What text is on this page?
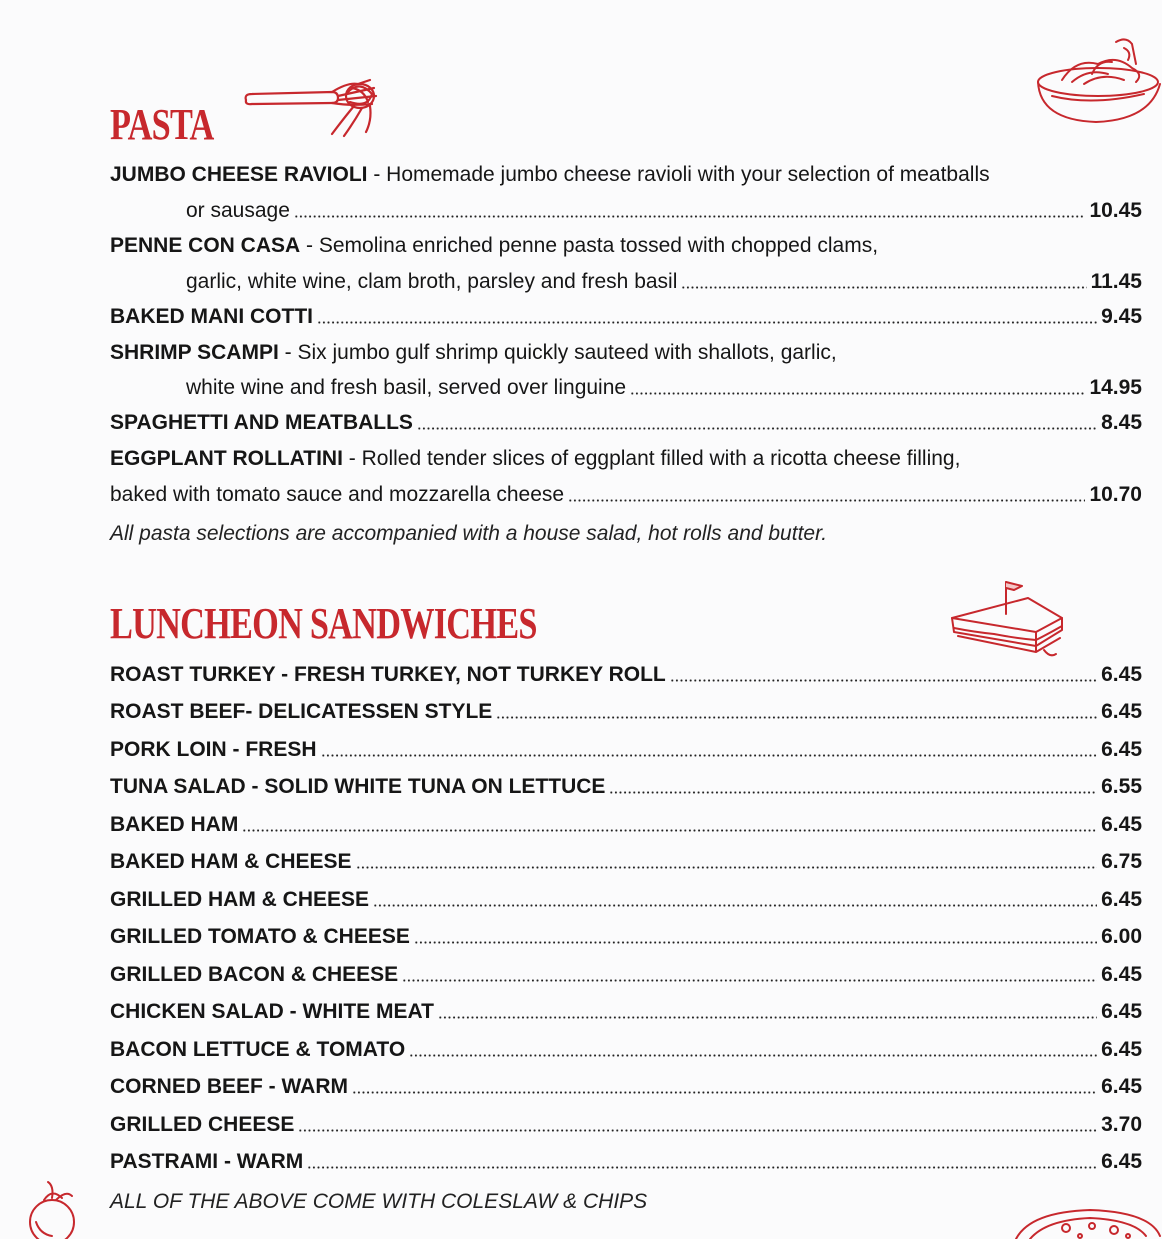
PASTA
JUMBO CHEESE RAVIOLI - Homemade jumbo cheese ravioli with your selection of meatballs
or sausage	10.45
PENNE CON CASA - Semolina enriched penne pasta tossed with chopped clams,
garlic, white wine, clam broth, parsley and fresh basil	11.45
BAKED MANI COTTI	9.45
SHRIMP SCAMPI - Six jumbo gulf shrimp quickly sauteed with shallots, garlic,
white wine and fresh basil, served over linguine	14.95
SPAGHETTI AND MEATBALLS	8.45
EGGPLANT ROLLATINI - Rolled tender slices of eggplant filled with a ricotta cheese filling,
baked with tomato sauce and mozzarella cheese	10.70

All pasta selections are accompanied with a house salad, hot rolls and butter.

LUNCHEON SANDWICHES
ROAST TURKEY - FRESH TURKEY, NOT TURKEY ROLL	6.45
ROAST BEEF- DELICATESSEN STYLE	6.45
PORK LOIN - FRESH	6.45
TUNA SALAD - SOLID WHITE TUNA ON LETTUCE	6.55
BAKED HAM	6.45
BAKED HAM & CHEESE	6.75
GRILLED HAM & CHEESE	6.45
GRILLED TOMATO & CHEESE	6.00
GRILLED BACON & CHEESE	6.45
CHICKEN SALAD - WHITE MEAT	6.45
BACON LETTUCE & TOMATO	6.45
CORNED BEEF - WARM	6.45
GRILLED CHEESE	3.70
PASTRAMI - WARM	6.45

ALL OF THE ABOVE COME WITH COLESLAW & CHIPS
